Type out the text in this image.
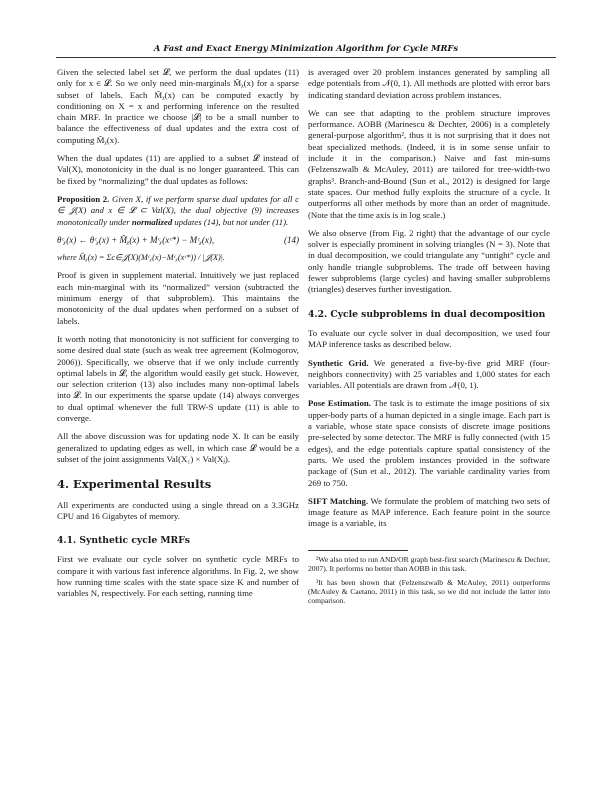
A Fast and Exact Energy Minimization Algorithm for Cycle MRFs

Given the selected label set 𝓛, we perform the dual updates (11) only for x ∈ 𝓛. So we only need min-marginals M̃ᵪ(x) for a sparse subset of labels. Each M̃ᵪ(x) can be computed exactly by conditioning on X = x and performing inference on the resulted chain MRF. In practice we choose |𝓛| to be a small number to balance the effectiveness of dual updates and the extra cost of computing M̃ᵪ(x).

When the dual updates (11) are applied to a subset 𝓛 instead of Val(X), monotonicity in the dual is no longer guaranteed. This can be fixed by “normalizing” the dual updates as follows:

Proposition 2. Given X, if we perform sparse dual updates for all c ∈ 𝒥(X) and x ∈ 𝓛 ⊂ Val(X), the dual objective (9) increases monotonically under normalized updates (14), but not under (11).

θᶜᵪ(x) ← θᶜᵪ(x) + M̂ᵪ(x) + Mᶜᵪ(xᶜ*) − Mᶜᵪ(x),	(14)
where M̂ᵪ(x) = Σc∈𝒥(X)(Mᶜᵪ(x)−Mᶜᵪ(xᶜ*)) / |𝒥(X)|.

Proof is given in supplement material. Intuitively we just replaced each min-marginal with its “normalized” version (subtracted the minimum energy of that subproblem). This maintains the monotonicity of the dual updates when performed on a subset of labels.

It worth noting that monotonicity is not sufficient for converging to some desired dual state (such as weak tree agreement (Kolmogorov, 2006)). Specifically, we observe that if we only include currently optimal labels in 𝓛, the algorithm would easily get stuck. However, our selection criterion (13) also includes many non-optimal labels into 𝓛. In our experiments the sparse update (14) always converges to dual optimal whenever the full TRW-S update (11) is able to converge.

All the above discussion was for updating node X. It can be easily generalized to updating edges as well, in which case 𝓛 would be a subset of the joint assignments Val(X₁) × Val(Xⱼ).

4. Experimental Results

All experiments are conducted using a single thread on a 3.3GHz CPU and 16 Gigabytes of memory.

4.1. Synthetic cycle MRFs

First we evaluate our cycle solver on synthetic cycle MRFs to compare it with various fast inference algorithms. In Fig. 2, we show how running time scales with the state space size K and number of variables N, respectively. For each setting, running time

is averaged over 20 problem instances generated by sampling all edge potentials from 𝒩(0, 1). All methods are plotted with error bars indicating standard deviation across problem instances.

We can see that adapting to the problem structure improves performance. AOBB (Marinescu & Dechter, 2006) is a completely general-purpose algorithm², thus it is not surprising that it does not beat specialized methods. (Indeed, it is in some sense unfair to include it in the comparison.) Naive and fast min-sums (Felzenszwalb & McAuley, 2011) are tailored for tree-width-two graphs³. Branch-and-Bound (Sun et al., 2012) is designed for large state spaces. Our method fully exploits the structure of a cycle. It outperforms all other methods by more than an order of magnitude. (Note that the time axis is in log scale.)

We also observe (from Fig. 2 right) that the advantage of our cycle solver is especially prominent in solving triangles (N = 3). Note that in dual decomposition, we could triangulate any “untight” cycle and only handle triangle subproblems. The trade off between having fewer subproblems (large cycles) and having smaller subproblems (triangles) deserves further investigation.

4.2. Cycle subproblems in dual decomposition

To evaluate our cycle solver in dual decomposition, we used four MAP inference tasks as described below.

Synthetic Grid. We generated a five-by-five grid MRF (four-neighbors connectivity) with 25 variables and 1,000 states for each variables. All potentials are drawn from 𝒩(0, 1).

Pose Estimation. The task is to estimate the image positions of six upper-body parts of a human depicted in a single image. Each part is a variable, whose state space consists of discrete image positions pre-selected by some detector. The MRF is fully connected (with 15 edges), and the edge potentials capture spatial consistency of the parts. We used the problem instances provided in the software package of (Sun et al., 2012). The variable cardinality varies from 269 to 750.

SIFT Matching. We formulate the problem of matching two sets of image feature as MAP inference. Each feature point in the source image is a variable, its

²We also tried to run AND/OR graph best-first search (Marinescu & Dechter, 2007). It performs no better than AOBB in this task.
³It has been shown that (Felzenszwalb & McAuley, 2011) outperforms (McAuley & Caetano, 2011) in this task, so we did not include the latter into comparison.
